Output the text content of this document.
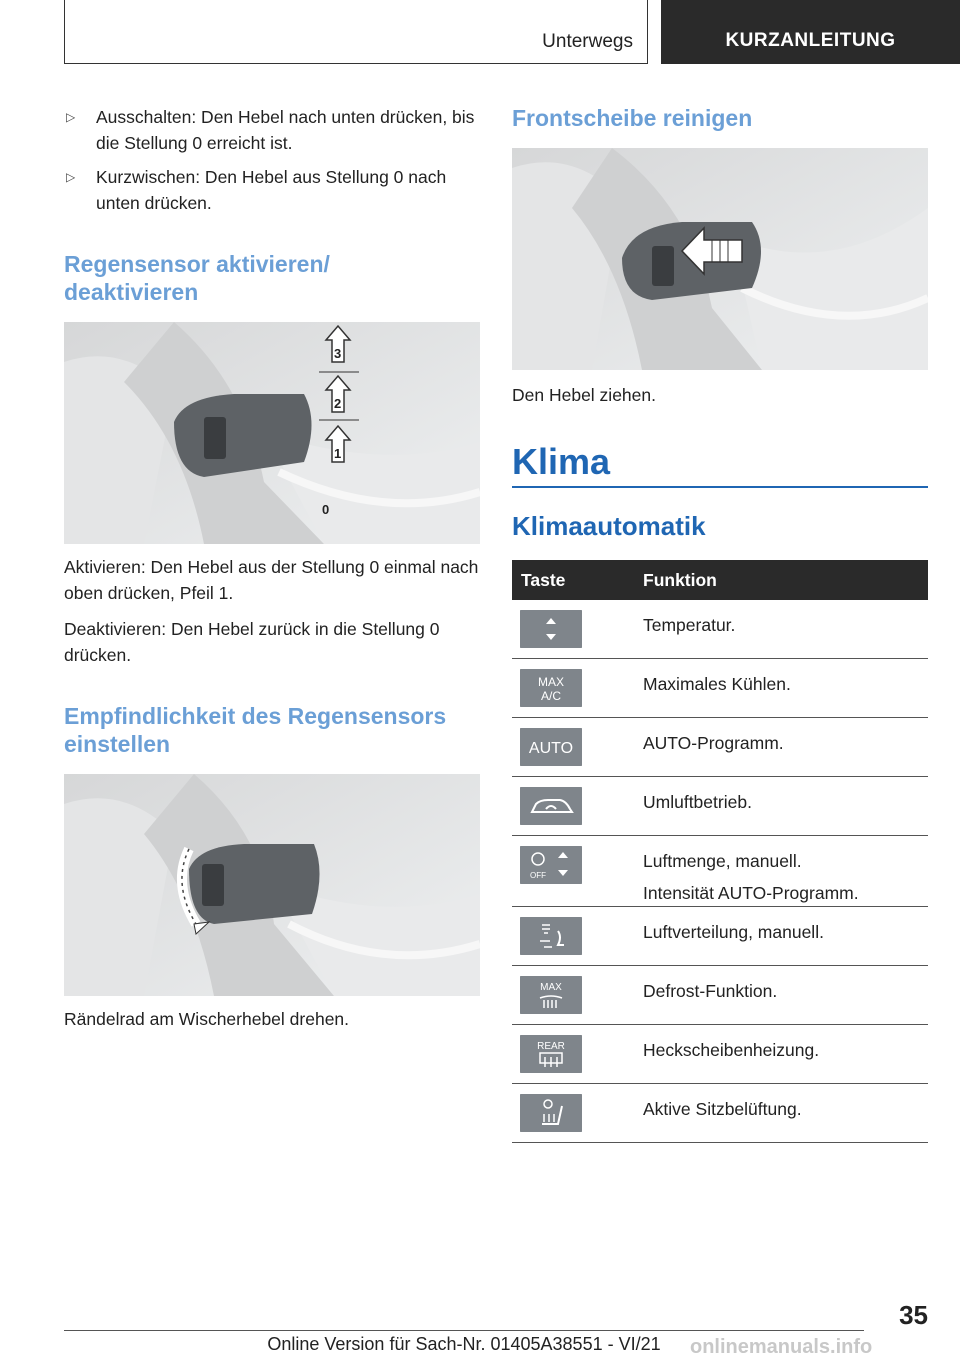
Unterwegs	KURZANLEITUNG
▷	Ausschalten: Den Hebel nach unten drücken, bis die Stellung 0 erreicht ist.
▷	Kurzwischen: Den Hebel aus Stellung 0 nach unten drücken.
Regensensor aktivieren/ deaktivieren
3
2
1
0

Aktivieren: Den Hebel aus der Stellung 0 einmal nach oben drücken, Pfeil 1.

Deaktivieren: Den Hebel zurück in die Stellung 0 drücken.

Empfindlichkeit des Regensensors einstellen

Rändelrad am Wischerhebel drehen.

Frontscheibe reinigen

Den Hebel ziehen.

Klima
Klimaautomatik
Taste	Funktion

Temperatur.

MAX
A/C	Maximales Kühlen.

AUTO	AUTO-Programm.

Umluftbetrieb.

OFF	Luftmenge, manuell.
Intensität AUTO-Programm.

Luftverteilung, manuell.

MAX	Defrost-Funktion.

REAR	Heckscheibenheizung.

Aktive Sitzbelüftung.
35
Online Version für Sach-Nr. 01405A38551 - VI/21	onlinemanuals.info
